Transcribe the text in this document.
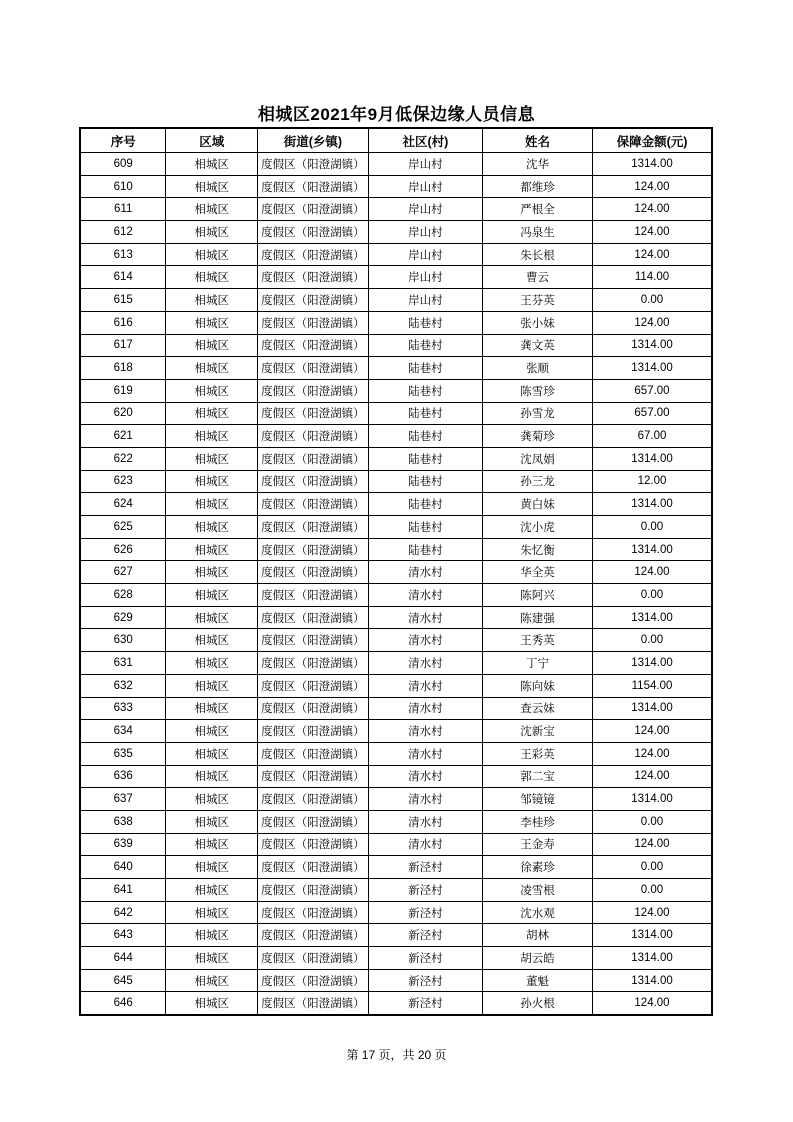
相城区2021年9月低保边缘人员信息
序号	区域	街道(乡镇)	社区(村)	姓名	保障金额(元)
609	相城区	度假区（阳澄湖镇）	岸山村	沈华	1314.00
610	相城区	度假区（阳澄湖镇）	岸山村	都维珍	124.00
611	相城区	度假区（阳澄湖镇）	岸山村	严根全	124.00
612	相城区	度假区（阳澄湖镇）	岸山村	冯泉生	124.00
613	相城区	度假区（阳澄湖镇）	岸山村	朱长根	124.00
614	相城区	度假区（阳澄湖镇）	岸山村	曹云	114.00
615	相城区	度假区（阳澄湖镇）	岸山村	王芬英	0.00
616	相城区	度假区（阳澄湖镇）	陆巷村	张小妹	124.00
617	相城区	度假区（阳澄湖镇）	陆巷村	龚文英	1314.00
618	相城区	度假区（阳澄湖镇）	陆巷村	张顺	1314.00
619	相城区	度假区（阳澄湖镇）	陆巷村	陈雪珍	657.00
620	相城区	度假区（阳澄湖镇）	陆巷村	孙雪龙	657.00
621	相城区	度假区（阳澄湖镇）	陆巷村	龚菊珍	67.00
622	相城区	度假区（阳澄湖镇）	陆巷村	沈凤娟	1314.00
623	相城区	度假区（阳澄湖镇）	陆巷村	孙三龙	12.00
624	相城区	度假区（阳澄湖镇）	陆巷村	黄白妹	1314.00
625	相城区	度假区（阳澄湖镇）	陆巷村	沈小虎	0.00
626	相城区	度假区（阳澄湖镇）	陆巷村	朱忆衡	1314.00
627	相城区	度假区（阳澄湖镇）	清水村	华全英	124.00
628	相城区	度假区（阳澄湖镇）	清水村	陈阿兴	0.00
629	相城区	度假区（阳澄湖镇）	清水村	陈建强	1314.00
630	相城区	度假区（阳澄湖镇）	清水村	王秀英	0.00
631	相城区	度假区（阳澄湖镇）	清水村	丁宁	1314.00
632	相城区	度假区（阳澄湖镇）	清水村	陈向妹	1154.00
633	相城区	度假区（阳澄湖镇）	清水村	查云妹	1314.00
634	相城区	度假区（阳澄湖镇）	清水村	沈新宝	124.00
635	相城区	度假区（阳澄湖镇）	清水村	王彩英	124.00
636	相城区	度假区（阳澄湖镇）	清水村	郭二宝	124.00
637	相城区	度假区（阳澄湖镇）	清水村	邹镜镜	1314.00
638	相城区	度假区（阳澄湖镇）	清水村	李桂珍	0.00
639	相城区	度假区（阳澄湖镇）	清水村	王金寿	124.00
640	相城区	度假区（阳澄湖镇）	新泾村	徐素珍	0.00
641	相城区	度假区（阳澄湖镇）	新泾村	凌雪根	0.00
642	相城区	度假区（阳澄湖镇）	新泾村	沈水观	124.00
643	相城区	度假区（阳澄湖镇）	新泾村	胡林	1314.00
644	相城区	度假区（阳澄湖镇）	新泾村	胡云皓	1314.00
645	相城区	度假区（阳澄湖镇）	新泾村	董魁	1314.00
646	相城区	度假区（阳澄湖镇）	新泾村	孙火根	124.00
第 17 页，共 20 页
